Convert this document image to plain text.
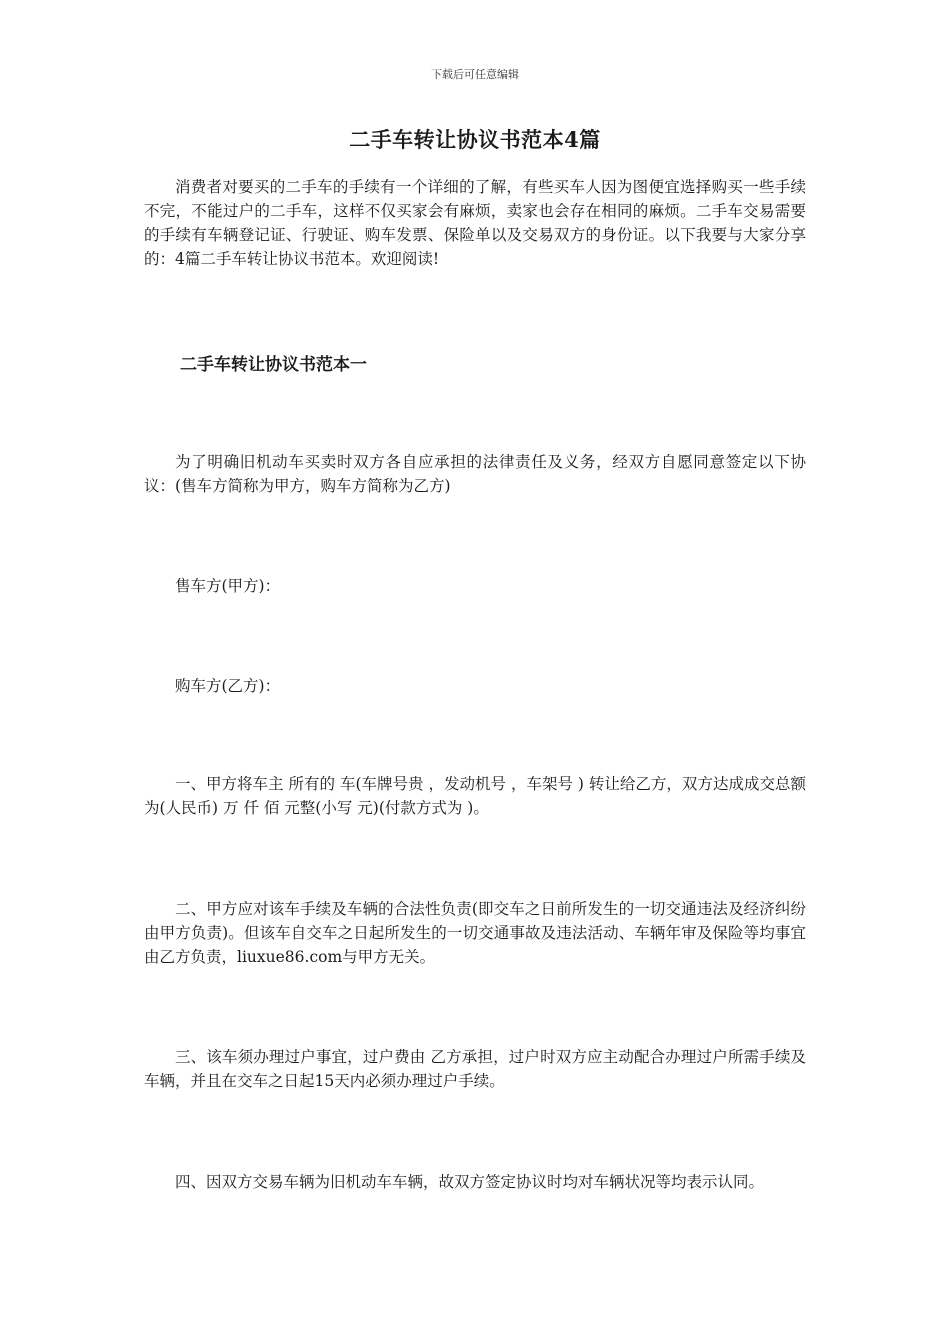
下载后可任意编辑
二手车转让协议书范本4篇

消费者对要买的二手车的手续有一个详细的了解，有些买车人因为图便宜选择购买一些手续不完，不能过户的二手车，这样不仅买家会有麻烦，卖家也会存在相同的麻烦。二手车交易需要的手续有车辆登记证、行驶证、购车发票、保险单以及交易双方的身份证。以下我要与大家分享的：4篇二手车转让协议书范本。欢迎阅读!

二手车转让协议书范本一

为了明确旧机动车买卖时双方各自应承担的法律责任及义务，经双方自愿同意签定以下协议：(售车方简称为甲方，购车方简称为乙方)

售车方(甲方)：

购车方(乙方)：

一、甲方将车主 所有的 车(车牌号贵 ，发动机号 ，车架号 ) 转让给乙方，双方达成成交总额为(人民币) 万 仟 佰 元整(小写 元)(付款方式为 )。

二、甲方应对该车手续及车辆的合法性负责(即交车之日前所发生的一切交通违法及经济纠纷由甲方负责)。但该车自交车之日起所发生的一切交通事故及违法活动、车辆年审及保险等均事宜由乙方负责，liuxue86.com与甲方无关。

三、该车须办理过户事宜，过户费由 乙方承担，过户时双方应主动配合办理过户所需手续及车辆，并且在交车之日起15天内必须办理过户手续。

四、因双方交易车辆为旧机动车车辆，故双方签定协议时均对车辆状况等均表示认同。
